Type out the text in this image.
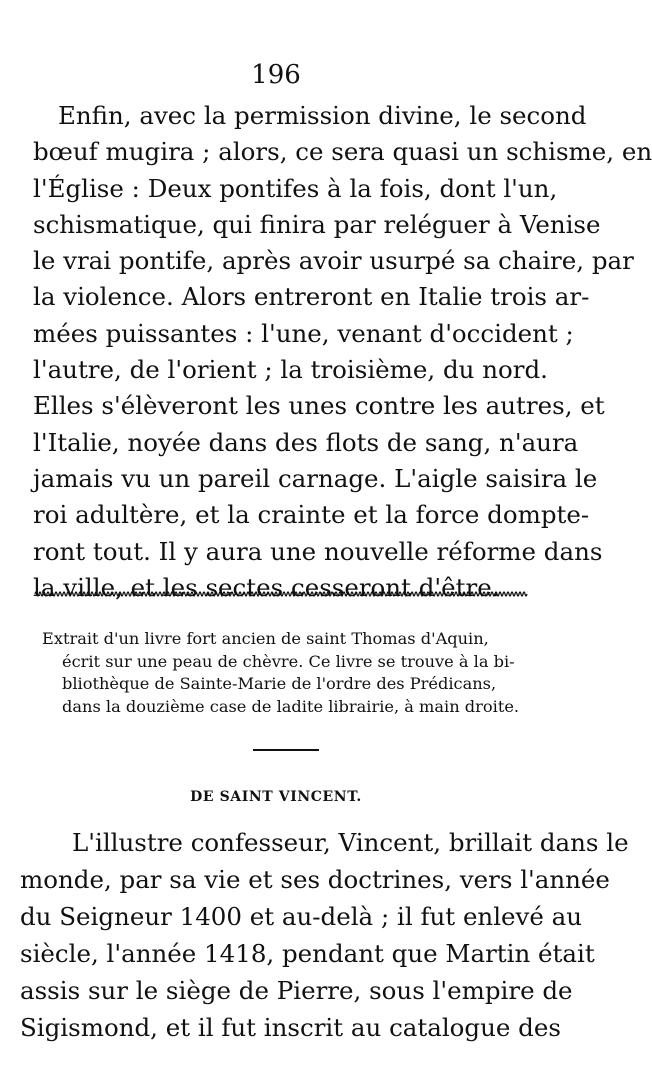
196

Enfin, avec la permission divine, le second
bœuf mugira ; alors, ce sera quasi un schisme, en
l'Église : Deux pontifes à la fois, dont l'un,
schismatique, qui finira par reléguer à Venise
le vrai pontife, après avoir usurpé sa chaire, par
la violence. Alors entreront en Italie trois ar-
mées puissantes : l'une, venant d'occident ;
l'autre, de l'orient ; la troisième, du nord.
Elles s'élèveront les unes contre les autres, et
l'Italie, noyée dans des flots de sang, n'aura
jamais vu un pareil carnage. L'aigle saisira le
roi adultère, et la crainte et la force dompte-
ront tout. Il y aura une nouvelle réforme dans
la ville, et les sectes cesseront d'être.

Extrait d'un livre fort ancien de saint Thomas d'Aquin,
écrit sur une peau de chèvre. Ce livre se trouve à la bi-
bliothèque de Sainte-Marie de l'ordre des Prédicans,
dans la douzième case de ladite librairie, à main droite.

DE SAINT VINCENT.

L'illustre confesseur, Vincent, brillait dans le
monde, par sa vie et ses doctrines, vers l'année
du Seigneur 1400 et au-delà ; il fut enlevé au
siècle, l'année 1418, pendant que Martin était
assis sur le siège de Pierre, sous l'empire de
Sigismond, et il fut inscrit au catalogue des
